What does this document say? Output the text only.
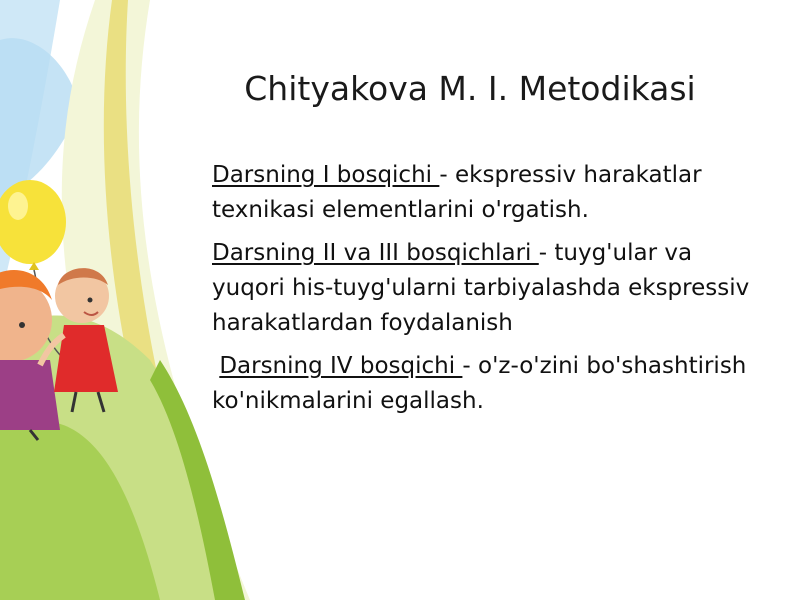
Chityakova M. I. Metodikasi

Darsning I bosqichi - ekspressiv harakatlar texnikasi elementlarini o'rgatish.

Darsning II va III bosqichlari - tuyg'ular va yuqori his-tuyg'ularni tarbiyalashda ekspressiv harakatlardan foydalanish

Darsning IV bosqichi - o'z-o'zini bo'shashtirish ko'nikmalarini egallash.
